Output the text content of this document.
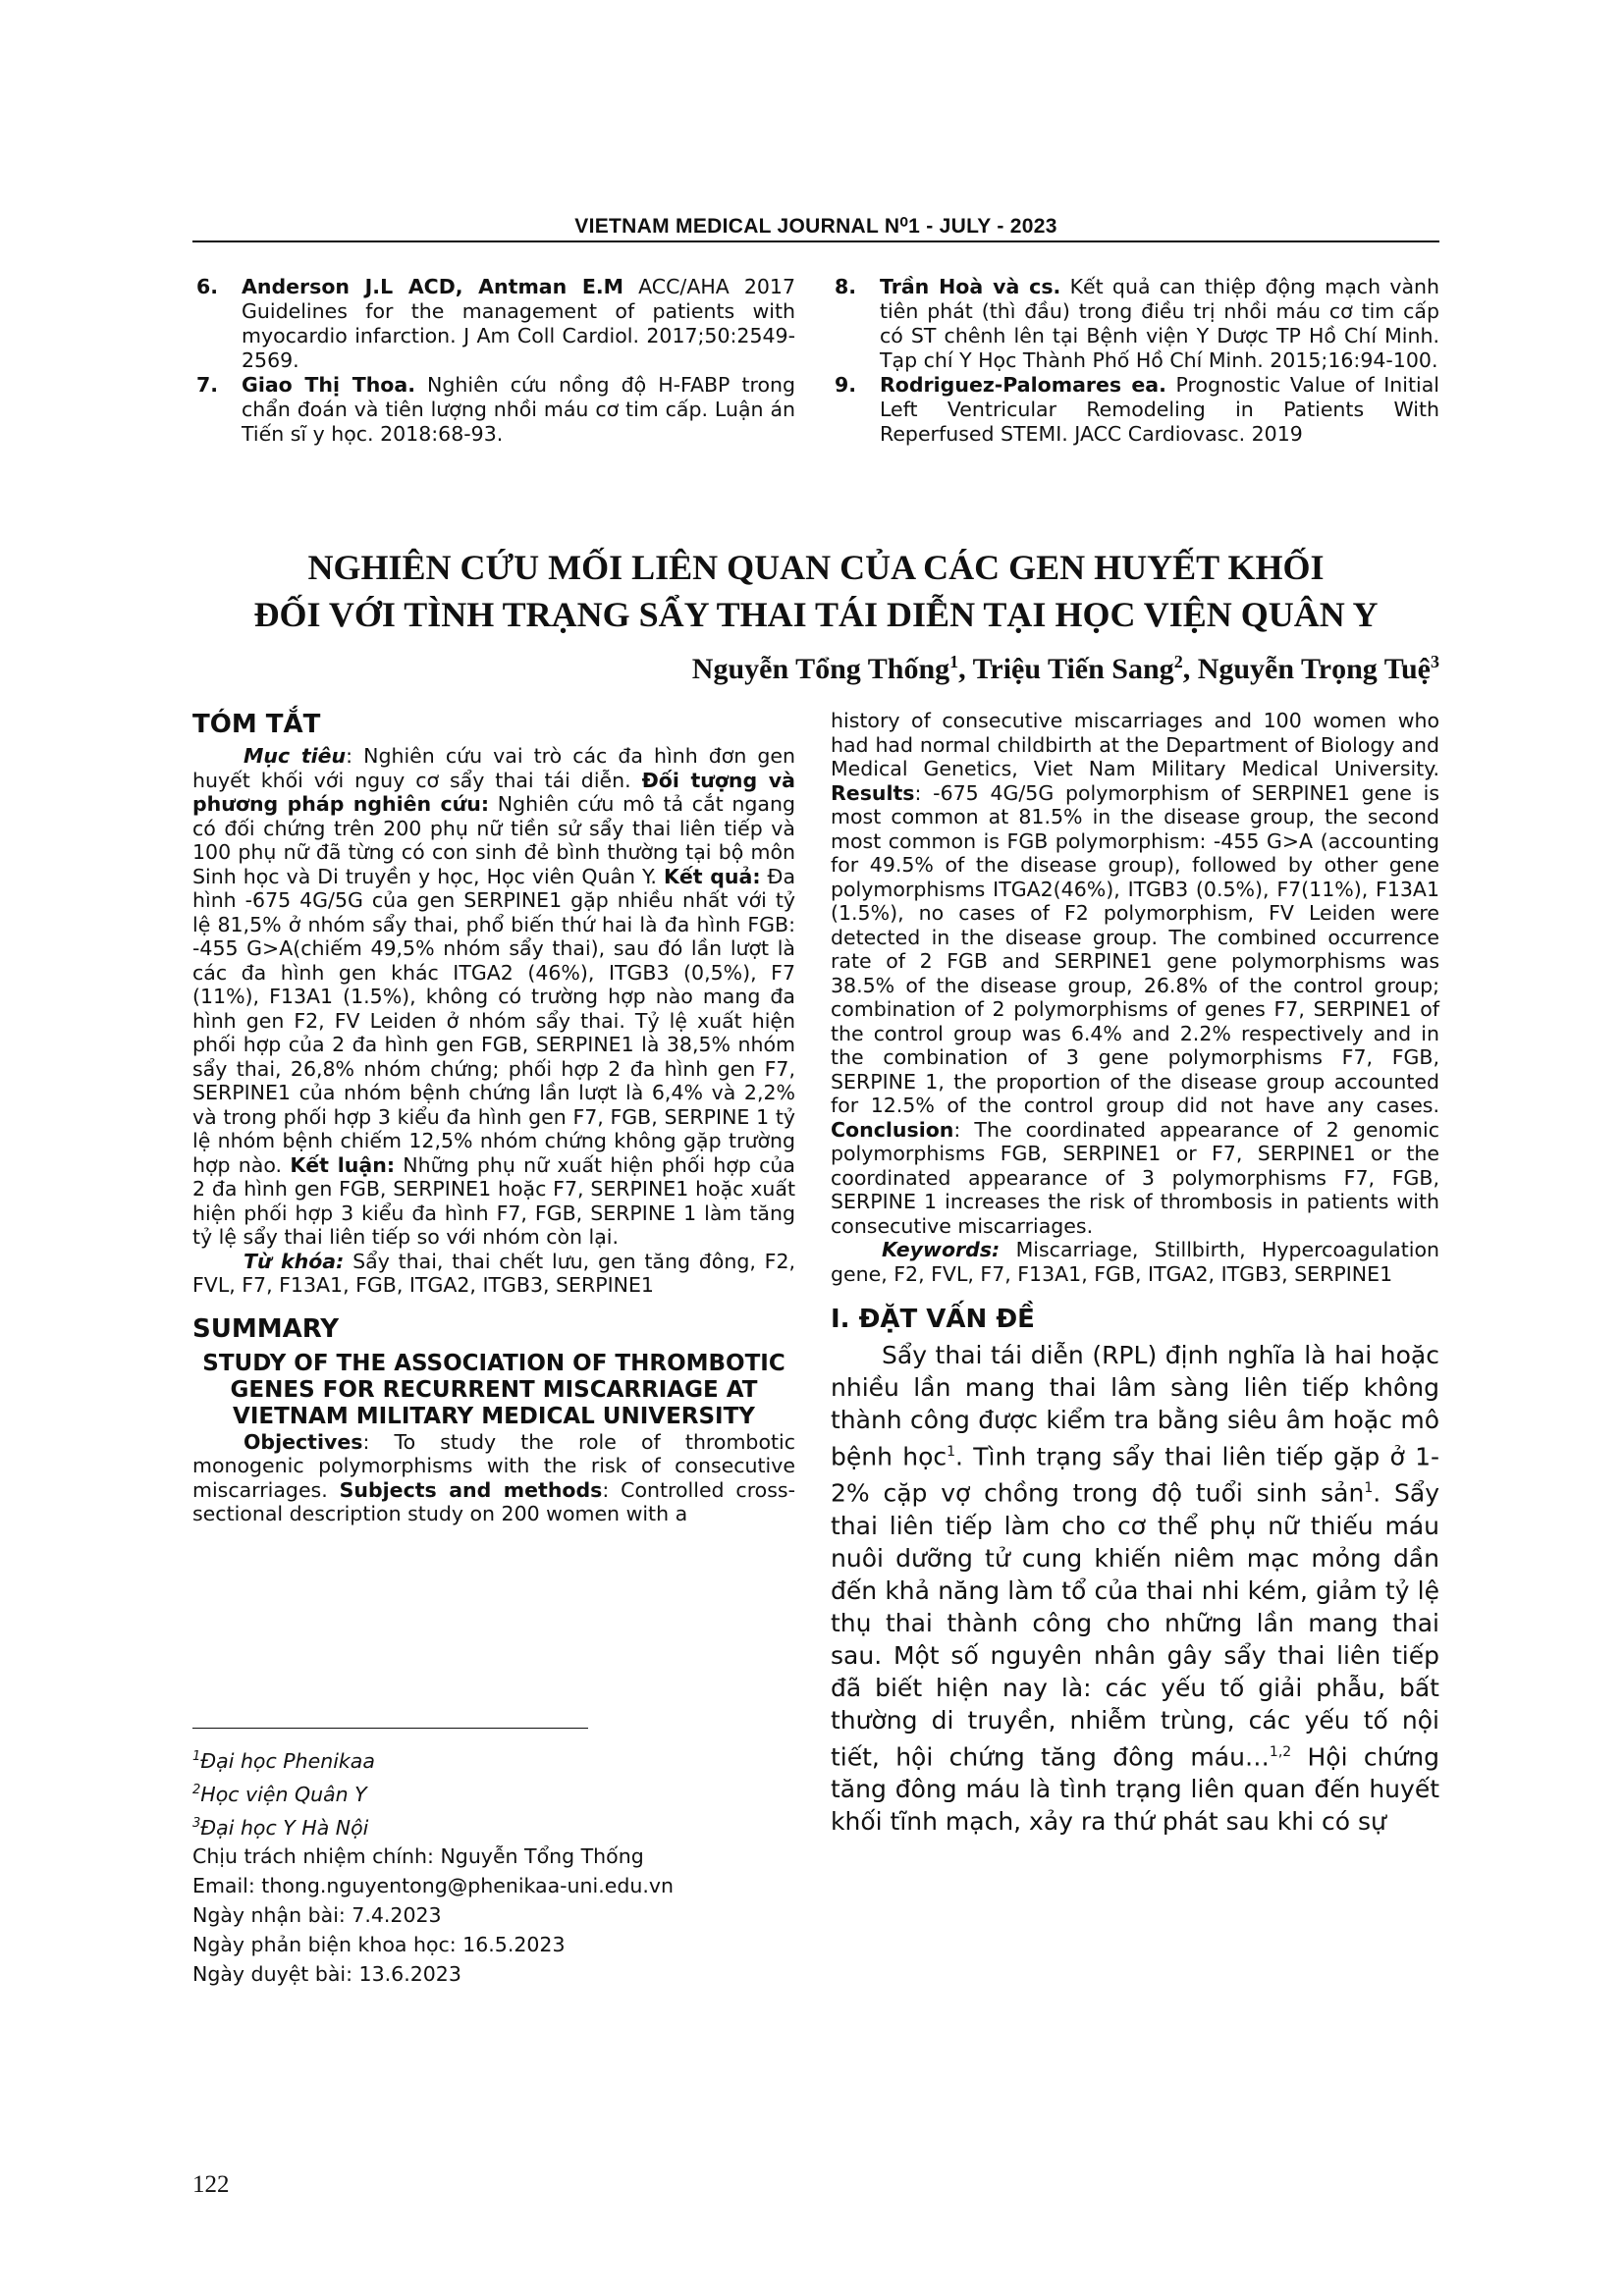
VIETNAM MEDICAL JOURNAL N⁰1 - JULY - 2023
6.	Anderson J.L ACD, Antman E.M ACC/AHA 2017 Guidelines for the management of patients with myocardio infarction. J Am Coll Cardiol. 2017;50:2549-2569.
7.	Giao Thị Thoa. Nghiên cứu nồng độ H-FABP trong chẩn đoán và tiên lượng nhồi máu cơ tim cấp. Luận án Tiến sĩ y học. 2018:68-93.
8.	Trần Hoà và cs. Kết quả can thiệp động mạch vành tiên phát (thì đầu) trong điều trị nhồi máu cơ tim cấp có ST chênh lên tại Bệnh viện Y Dược TP Hồ Chí Minh. Tạp chí Y Học Thành Phố Hồ Chí Minh. 2015;16:94-100.
9.	Rodriguez-Palomares ea. Prognostic Value of Initial Left Ventricular Remodeling in Patients With Reperfused STEMI. JACC Cardiovasc. 2019
NGHIÊN CỨU MỐI LIÊN QUAN CỦA CÁC GEN HUYẾT KHỐI
ĐỐI VỚI TÌNH TRẠNG SẨY THAI TÁI DIỄN TẠI HỌC VIỆN QUÂN Y
Nguyễn Tổng Thống$^1$, Triệu Tiến Sang$^2$, Nguyễn Trọng Tuệ$^3$
TÓM TẮT

Mục tiêu: Nghiên cứu vai trò các đa hình đơn gen huyết khối với nguy cơ sẩy thai tái diễn. Đối tượng và phương pháp nghiên cứu: Nghiên cứu mô tả cắt ngang có đối chứng trên 200 phụ nữ tiền sử sẩy thai liên tiếp và 100 phụ nữ đã từng có con sinh đẻ bình thường tại bộ môn Sinh học và Di truyền y học, Học viên Quân Y. Kết quả: Đa hình -675 4G/5G của gen SERPINE1 gặp nhiều nhất với tỷ lệ 81,5% ở nhóm sẩy thai, phổ biến thứ hai là đa hình FGB: -455 G>A(chiếm 49,5% nhóm sẩy thai), sau đó lần lượt là các đa hình gen khác ITGA2 (46%), ITGB3 (0,5%), F7 (11%), F13A1 (1.5%), không có trường hợp nào mang đa hình gen F2, FV Leiden ở nhóm sẩy thai. Tỷ lệ xuất hiện phối hợp của 2 đa hình gen FGB, SERPINE1 là 38,5% nhóm sẩy thai, 26,8% nhóm chứng; phối hợp 2 đa hình gen F7, SERPINE1 của nhóm bệnh chứng lần lượt là 6,4% và 2,2% và trong phối hợp 3 kiểu đa hình gen F7, FGB, SERPINE 1 tỷ lệ nhóm bệnh chiếm 12,5% nhóm chứng không gặp trường hợp nào. Kết luận: Những phụ nữ xuất hiện phối hợp của 2 đa hình gen FGB, SERPINE1 hoặc F7, SERPINE1 hoặc xuất hiện phối hợp 3 kiểu đa hình F7, FGB, SERPINE 1 làm tăng tỷ lệ sẩy thai liên tiếp so với nhóm còn lại.

Từ khóa: Sẩy thai, thai chết lưu, gen tăng đông, F2, FVL, F7, F13A1, FGB, ITGA2, ITGB3, SERPINE1

SUMMARY
STUDY OF THE ASSOCIATION OF THROMBOTIC GENES FOR RECURRENT MISCARRIAGE AT VIETNAM MILITARY MEDICAL UNIVERSITY

Objectives: To study the role of thrombotic monogenic polymorphisms with the risk of consecutive miscarriages. Subjects and methods: Controlled cross-sectional description study on 200 women with a

history of consecutive miscarriages and 100 women who had had normal childbirth at the Department of Biology and Medical Genetics, Viet Nam Military Medical University. Results: -675 4G/5G polymorphism of SERPINE1 gene is most common at 81.5% in the disease group, the second most common is FGB polymorphism: -455 G>A (accounting for 49.5% of the disease group), followed by other gene polymorphisms ITGA2(46%), ITGB3 (0.5%), F7(11%), F13A1 (1.5%), no cases of F2 polymorphism, FV Leiden were detected in the disease group. The combined occurrence rate of 2 FGB and SERPINE1 gene polymorphisms was 38.5% of the disease group, 26.8% of the control group; combination of 2 polymorphisms of genes F7, SERPINE1 of the control group was 6.4% and 2.2% respectively and in the combination of 3 gene polymorphisms F7, FGB, SERPINE 1, the proportion of the disease group accounted for 12.5% of the control group did not have any cases. Conclusion: The coordinated appearance of 2 genomic polymorphisms FGB, SERPINE1 or F7, SERPINE1 or the coordinated appearance of 3 polymorphisms F7, FGB, SERPINE 1 increases the risk of thrombosis in patients with consecutive miscarriages.

Keywords: Miscarriage, Stillbirth, Hypercoagulation gene, F2, FVL, F7, F13A1, FGB, ITGA2, ITGB3, SERPINE1

I. ĐẶT VẤN ĐỀ

Sẩy thai tái diễn (RPL) định nghĩa là hai hoặc nhiều lần mang thai lâm sàng liên tiếp không thành công được kiểm tra bằng siêu âm hoặc mô bệnh học$^1$. Tình trạng sẩy thai liên tiếp gặp ở 1-2% cặp vợ chồng trong độ tuổi sinh sản$^1$. Sẩy thai liên tiếp làm cho cơ thể phụ nữ thiếu máu nuôi dưỡng tử cung khiến niêm mạc mỏng dần đến khả năng làm tổ của thai nhi kém, giảm tỷ lệ thụ thai thành công cho những lần mang thai sau. Một số nguyên nhân gây sẩy thai liên tiếp đã biết hiện nay là: các yếu tố giải phẫu, bất thường di truyền, nhiễm trùng, các yếu tố nội tiết, hội chứng tăng đông máu…$^{1,2}$ Hội chứng tăng đông máu là tình trạng liên quan đến huyết khối tĩnh mạch, xảy ra thứ phát sau khi có sự

$^1$Đại học Phenikaa
$^2$Học viện Quân Y
$^3$Đại học Y Hà Nội
Chịu trách nhiệm chính: Nguyễn Tổng Thống
Email: thong.nguyentong@phenikaa-uni.edu.vn
Ngày nhận bài: 7.4.2023
Ngày phản biện khoa học: 16.5.2023
Ngày duyệt bài: 13.6.2023
122
